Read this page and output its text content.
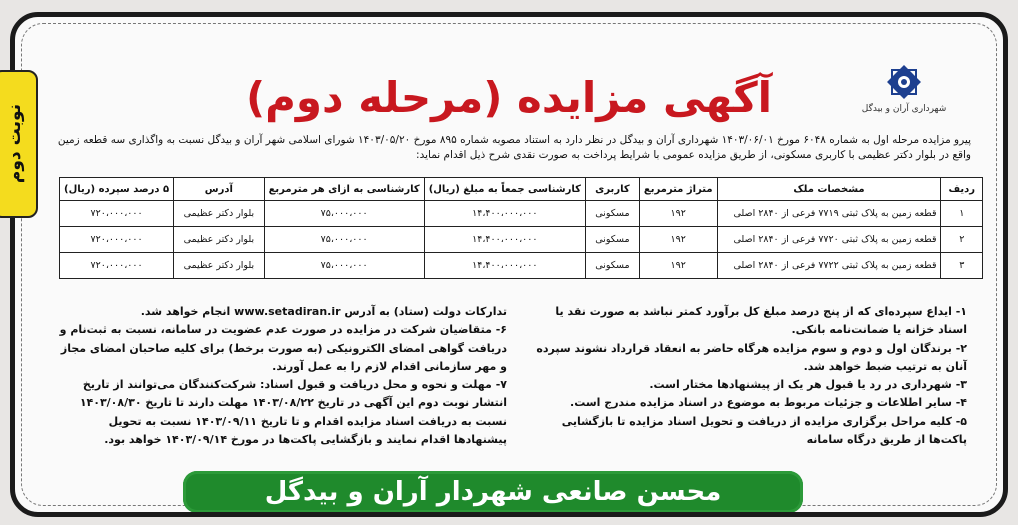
شهرداری آران و بیدگل
آگهی مزایده (مرحله دوم)
پیرو مزایده مرحله اول به شماره ۶۰۴۸ مورخ ۱۴۰۳/۰۶/۰۱ شهرداری آران و بیدگل در نظر دارد به استناد مصوبه شماره ۸۹۵ مورخ ۱۴۰۳/۰۵/۲۰ شورای اسلامی شهر آران و بیدگل نسبت به واگذاری سه قطعه زمین واقع در بلوار دکتر عظیمی با کاربری مسکونی، از طریق مزایده عمومی با شرایط پرداخت به صورت نقدی شرح ذیل اقدام نماید:
ردیف	مشخصات ملک	متراژ مترمربع	کاربری	کارشناسی جمعاً به مبلغ (ریال)	کارشناسی به ازای هر مترمربع	آدرس	۵ درصد سپرده (ریال)
۱	قطعه زمین به پلاک ثبتی ۷۷۱۹ فرعی از ۲۸۴۰ اصلی	۱۹۲	مسکونی	۱۴،۴۰۰،۰۰۰،۰۰۰	۷۵،۰۰۰،۰۰۰	بلوار دکتر عظیمی	۷۲۰،۰۰۰،۰۰۰
۲	قطعه زمین به پلاک ثبتی ۷۷۲۰ فرعی از ۲۸۴۰ اصلی	۱۹۲	مسکونی	۱۴،۴۰۰،۰۰۰،۰۰۰	۷۵،۰۰۰،۰۰۰	بلوار دکتر عظیمی	۷۲۰،۰۰۰،۰۰۰
۳	قطعه زمین به پلاک ثبتی ۷۷۲۲ فرعی از ۲۸۴۰ اصلی	۱۹۲	مسکونی	۱۴،۴۰۰،۰۰۰،۰۰۰	۷۵،۰۰۰،۰۰۰	بلوار دکتر عظیمی	۷۲۰،۰۰۰،۰۰۰

۱- ایداع سپرده‌ای که از پنج درصد مبلغ کل برآورد کمتر نباشد به صورت نقد یا اسناد خزانه یا ضمانت‌نامه بانکی.

۲- برندگان اول و دوم و سوم مزایده هرگاه حاضر به انعقاد قرارداد نشوند سپرده آنان به ترتیب ضبط خواهد شد.

۳- شهرداری در رد یا قبول هر یک از پیشنهادها مختار است.

۴- سایر اطلاعات و جزئیات مربوط به موضوع در اسناد مزایده مندرج است.

۵- کلیه مراحل برگزاری مزایده از دریافت و تحویل اسناد مزایده تا بازگشایی پاکت‌ها از طریق درگاه سامانه

تدارکات دولت (ستاد) به آدرس www.setadiran.ir انجام خواهد شد.

۶- متقاضیان شرکت در مزایده در صورت عدم عضویت در سامانه، نسبت به ثبت‌نام و دریافت گواهی امضای الکترونیکی (به صورت برخط) برای کلیه صاحبان امضای مجاز و مهر سازمانی اقدام لازم را به عمل آورند.

۷- مهلت و نحوه و محل دریافت و قبول اسناد: شرکت‌کنندگان می‌توانند از تاریخ انتشار نوبت دوم این آگهی در تاریخ ۱۴۰۳/۰۸/۲۲ مهلت دارند تا تاریخ ۱۴۰۳/۰۸/۳۰ نسبت به دریافت اسناد مزایده اقدام و تا تاریخ ۱۴۰۳/۰۹/۱۱ نسبت به تحویل پیشنهادها اقدام نمایند و بازگشایی پاکت‌ها در مورخ ۱۴۰۳/۰۹/۱۴ خواهد بود.

محسن صانعی شهردار آران و بیدگل
نوبت دوم
